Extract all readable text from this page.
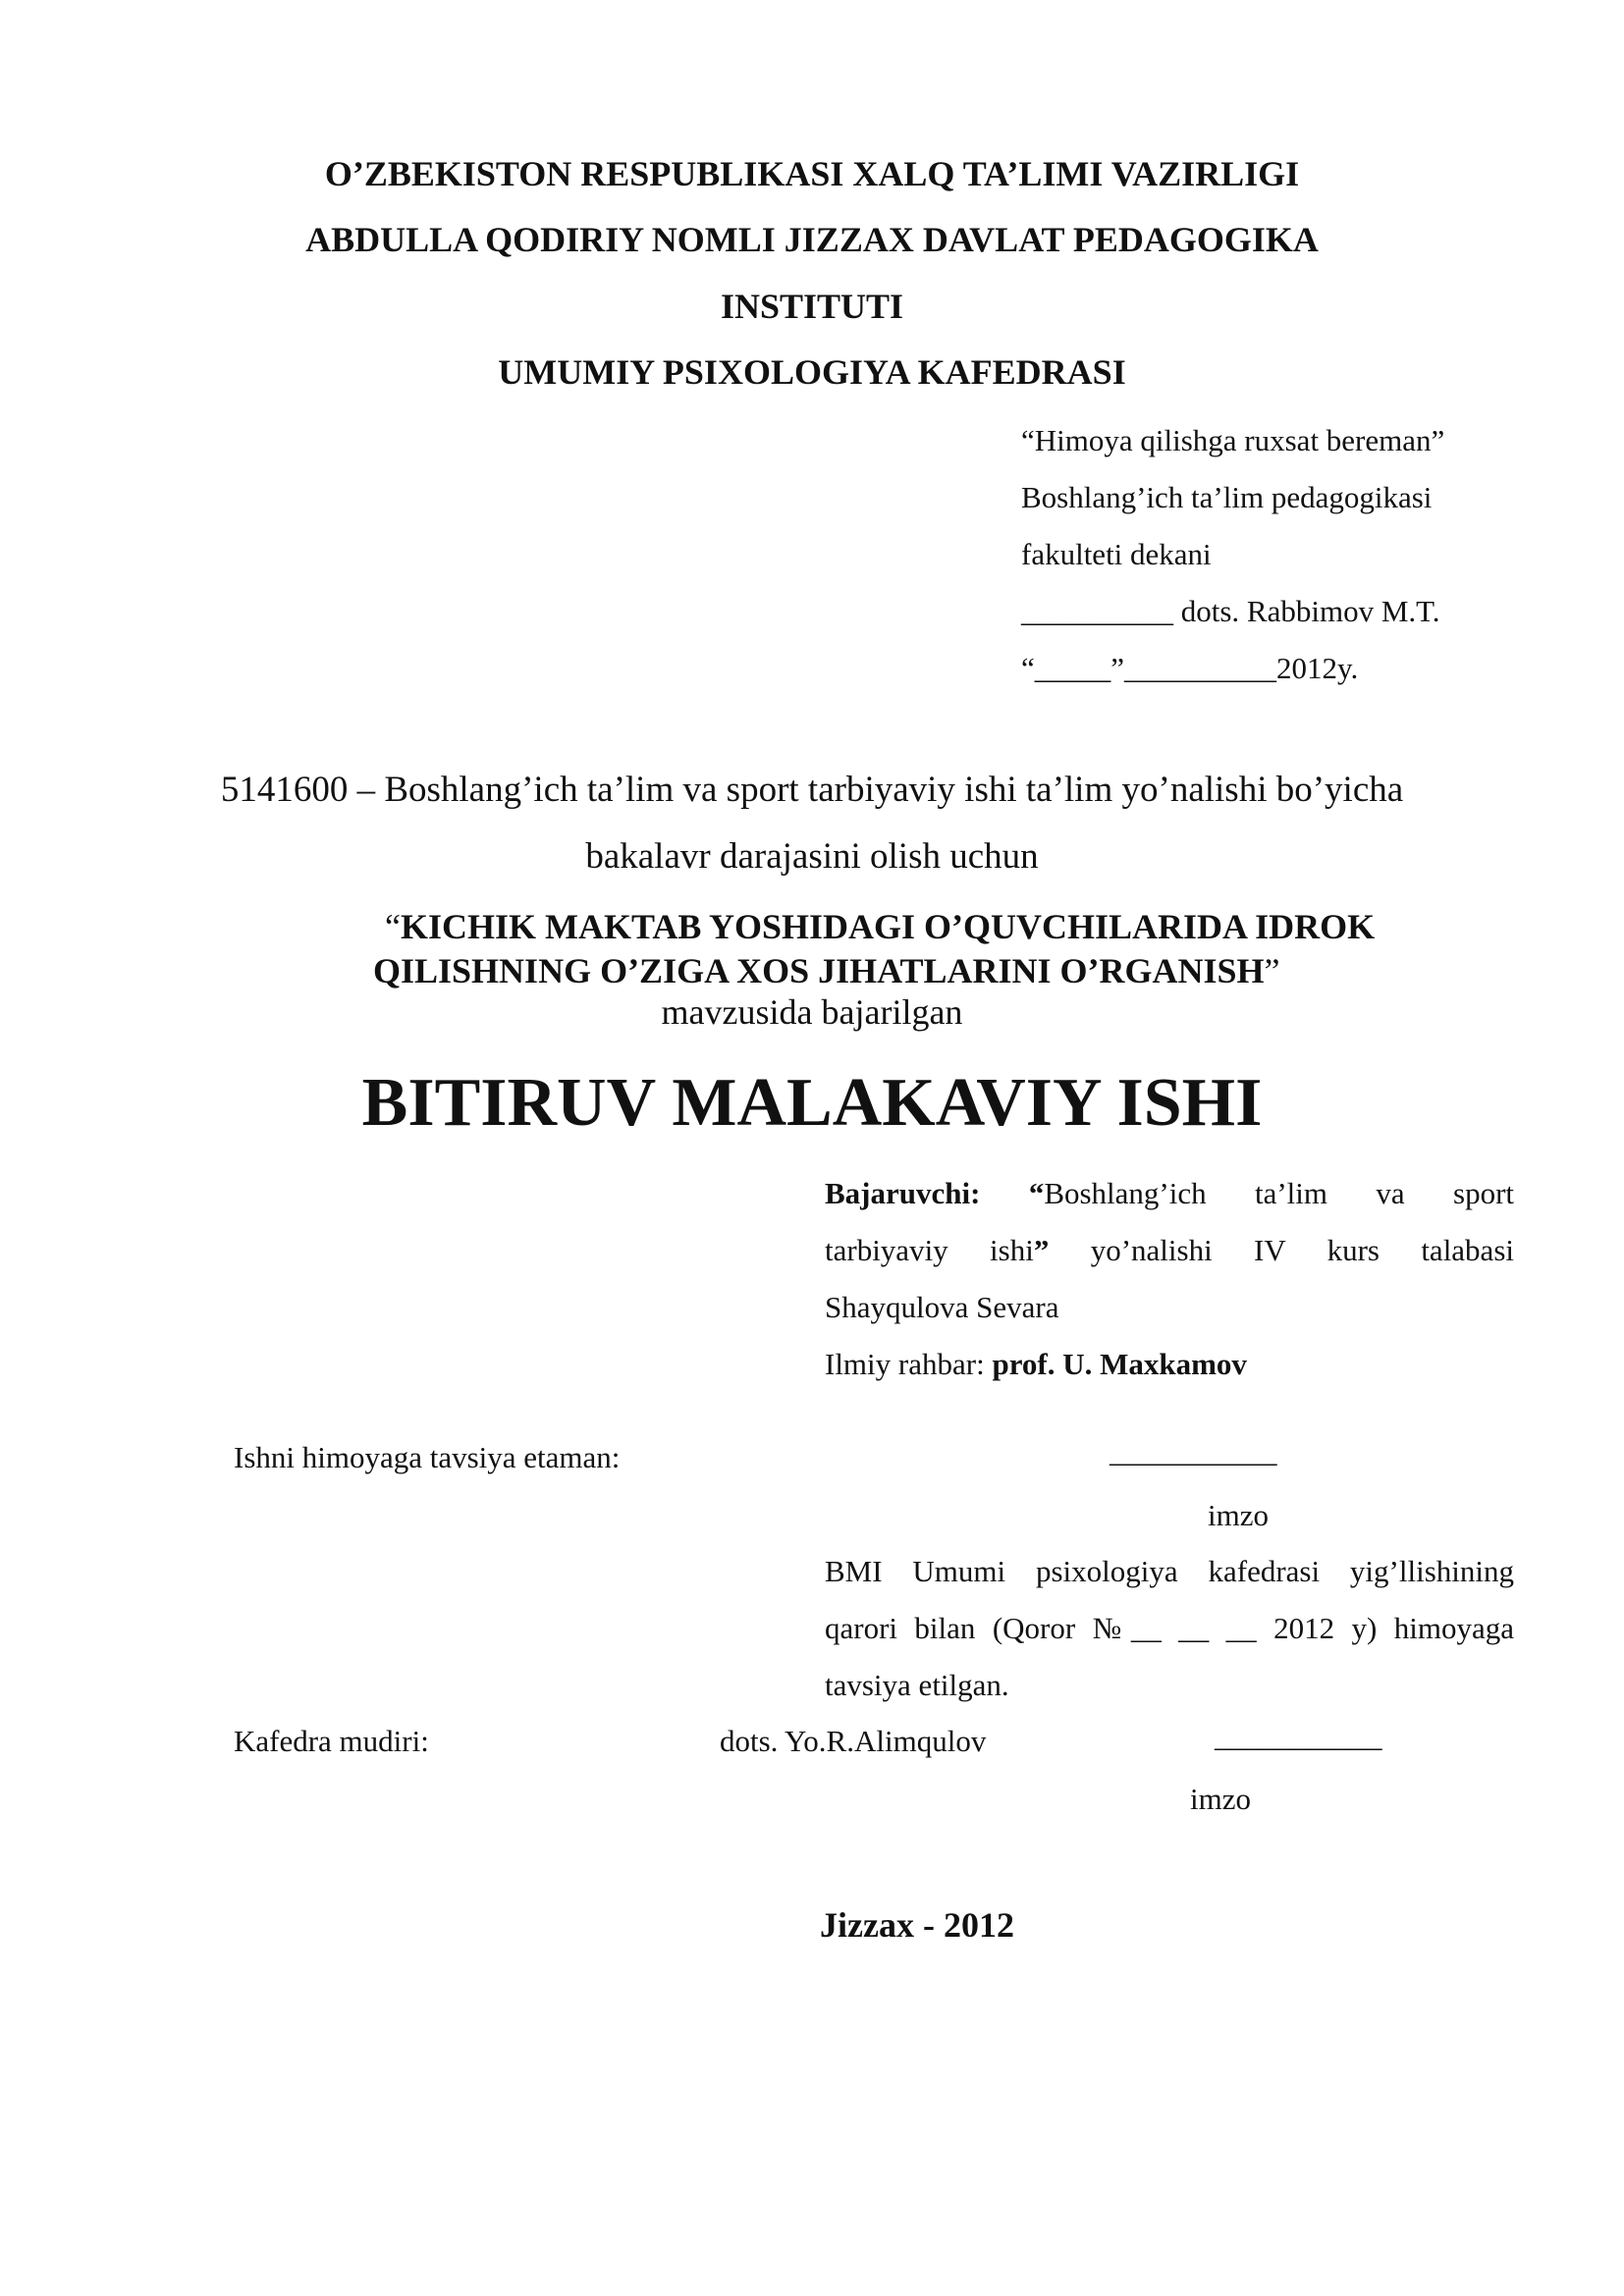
O’ZBEKISTON RESPUBLIKASI XALQ TA’LIMI VAZIRLIGI
ABDULLA QODIRIY NOMLI JIZZAX DAVLAT PEDAGOGIKA
INSTITUTI
UMUMIY PSIXOLOGIYA KAFEDRASI
“Himoya qilishga ruxsat bereman”
Boshlang’ich ta’lim pedagogikasi
fakulteti dekani
__________ dots. Rabbimov M.T.
“_____”__________2012y.
5141600 – Boshlang’ich ta’lim va sport tarbiyaviy ishi ta’lim yo’nalishi bo’yicha
bakalavr darajasini olish uchun
“KICHIK MAKTAB YOSHIDAGI O’QUVCHILARIDA IDROK
QILISHNING O’ZIGA XOS JIHATLARINI O’RGANISH”
mavzusida bajarilgan
BITIRUV MALAKAVIY ISHI
Bajaruvchi: “Boshlang’ich ta’lim va sport
tarbiyaviy ishi” yo’nalishi IV kurs talabasi
Shayqulova Sevara
Ilmiy rahbar: prof. U. Maxkamov
Ishni himoyaga tavsiya etaman:	___________
imzo
BMI Umumi psixologiya kafedrasi yig’llishining
qarori bilan (Qoror №__ __ __ 2012 y) himoyaga
tavsiya etilgan.
Kafedra mudiri:	dots. Yo.R.Alimqulov	___________
imzo
Jizzax - 2012
